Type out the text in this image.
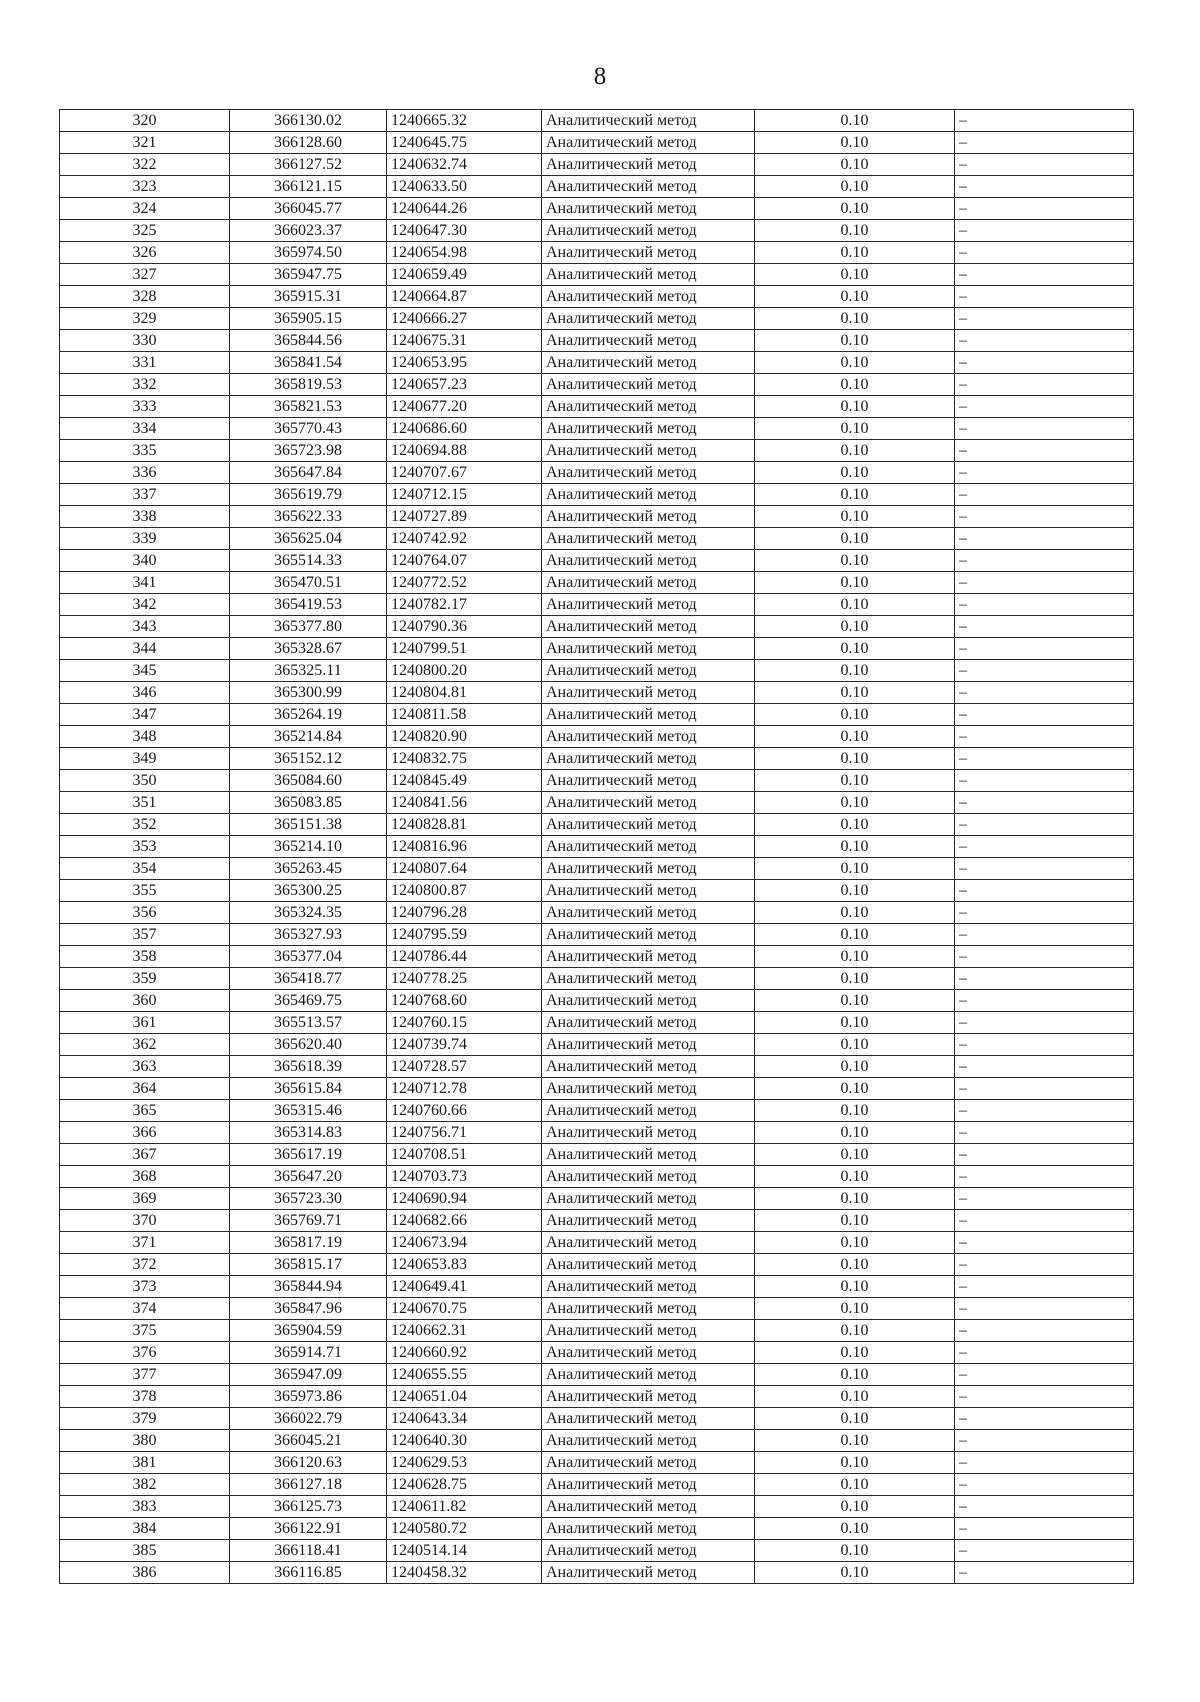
8
320	366130.02	1240665.32	Аналитический метод	0.10	–
321	366128.60	1240645.75	Аналитический метод	0.10	–
322	366127.52	1240632.74	Аналитический метод	0.10	–
323	366121.15	1240633.50	Аналитический метод	0.10	–
324	366045.77	1240644.26	Аналитический метод	0.10	–
325	366023.37	1240647.30	Аналитический метод	0.10	–
326	365974.50	1240654.98	Аналитический метод	0.10	–
327	365947.75	1240659.49	Аналитический метод	0.10	–
328	365915.31	1240664.87	Аналитический метод	0.10	–
329	365905.15	1240666.27	Аналитический метод	0.10	–
330	365844.56	1240675.31	Аналитический метод	0.10	–
331	365841.54	1240653.95	Аналитический метод	0.10	–
332	365819.53	1240657.23	Аналитический метод	0.10	–
333	365821.53	1240677.20	Аналитический метод	0.10	–
334	365770.43	1240686.60	Аналитический метод	0.10	–
335	365723.98	1240694.88	Аналитический метод	0.10	–
336	365647.84	1240707.67	Аналитический метод	0.10	–
337	365619.79	1240712.15	Аналитический метод	0.10	–
338	365622.33	1240727.89	Аналитический метод	0.10	–
339	365625.04	1240742.92	Аналитический метод	0.10	–
340	365514.33	1240764.07	Аналитический метод	0.10	–
341	365470.51	1240772.52	Аналитический метод	0.10	–
342	365419.53	1240782.17	Аналитический метод	0.10	–
343	365377.80	1240790.36	Аналитический метод	0.10	–
344	365328.67	1240799.51	Аналитический метод	0.10	–
345	365325.11	1240800.20	Аналитический метод	0.10	–
346	365300.99	1240804.81	Аналитический метод	0.10	–
347	365264.19	1240811.58	Аналитический метод	0.10	–
348	365214.84	1240820.90	Аналитический метод	0.10	–
349	365152.12	1240832.75	Аналитический метод	0.10	–
350	365084.60	1240845.49	Аналитический метод	0.10	–
351	365083.85	1240841.56	Аналитический метод	0.10	–
352	365151.38	1240828.81	Аналитический метод	0.10	–
353	365214.10	1240816.96	Аналитический метод	0.10	–
354	365263.45	1240807.64	Аналитический метод	0.10	–
355	365300.25	1240800.87	Аналитический метод	0.10	–
356	365324.35	1240796.28	Аналитический метод	0.10	–
357	365327.93	1240795.59	Аналитический метод	0.10	–
358	365377.04	1240786.44	Аналитический метод	0.10	–
359	365418.77	1240778.25	Аналитический метод	0.10	–
360	365469.75	1240768.60	Аналитический метод	0.10	–
361	365513.57	1240760.15	Аналитический метод	0.10	–
362	365620.40	1240739.74	Аналитический метод	0.10	–
363	365618.39	1240728.57	Аналитический метод	0.10	–
364	365615.84	1240712.78	Аналитический метод	0.10	–
365	365315.46	1240760.66	Аналитический метод	0.10	–
366	365314.83	1240756.71	Аналитический метод	0.10	–
367	365617.19	1240708.51	Аналитический метод	0.10	–
368	365647.20	1240703.73	Аналитический метод	0.10	–
369	365723.30	1240690.94	Аналитический метод	0.10	–
370	365769.71	1240682.66	Аналитический метод	0.10	–
371	365817.19	1240673.94	Аналитический метод	0.10	–
372	365815.17	1240653.83	Аналитический метод	0.10	–
373	365844.94	1240649.41	Аналитический метод	0.10	–
374	365847.96	1240670.75	Аналитический метод	0.10	–
375	365904.59	1240662.31	Аналитический метод	0.10	–
376	365914.71	1240660.92	Аналитический метод	0.10	–
377	365947.09	1240655.55	Аналитический метод	0.10	–
378	365973.86	1240651.04	Аналитический метод	0.10	–
379	366022.79	1240643.34	Аналитический метод	0.10	–
380	366045.21	1240640.30	Аналитический метод	0.10	–
381	366120.63	1240629.53	Аналитический метод	0.10	–
382	366127.18	1240628.75	Аналитический метод	0.10	–
383	366125.73	1240611.82	Аналитический метод	0.10	–
384	366122.91	1240580.72	Аналитический метод	0.10	–
385	366118.41	1240514.14	Аналитический метод	0.10	–
386	366116.85	1240458.32	Аналитический метод	0.10	–
